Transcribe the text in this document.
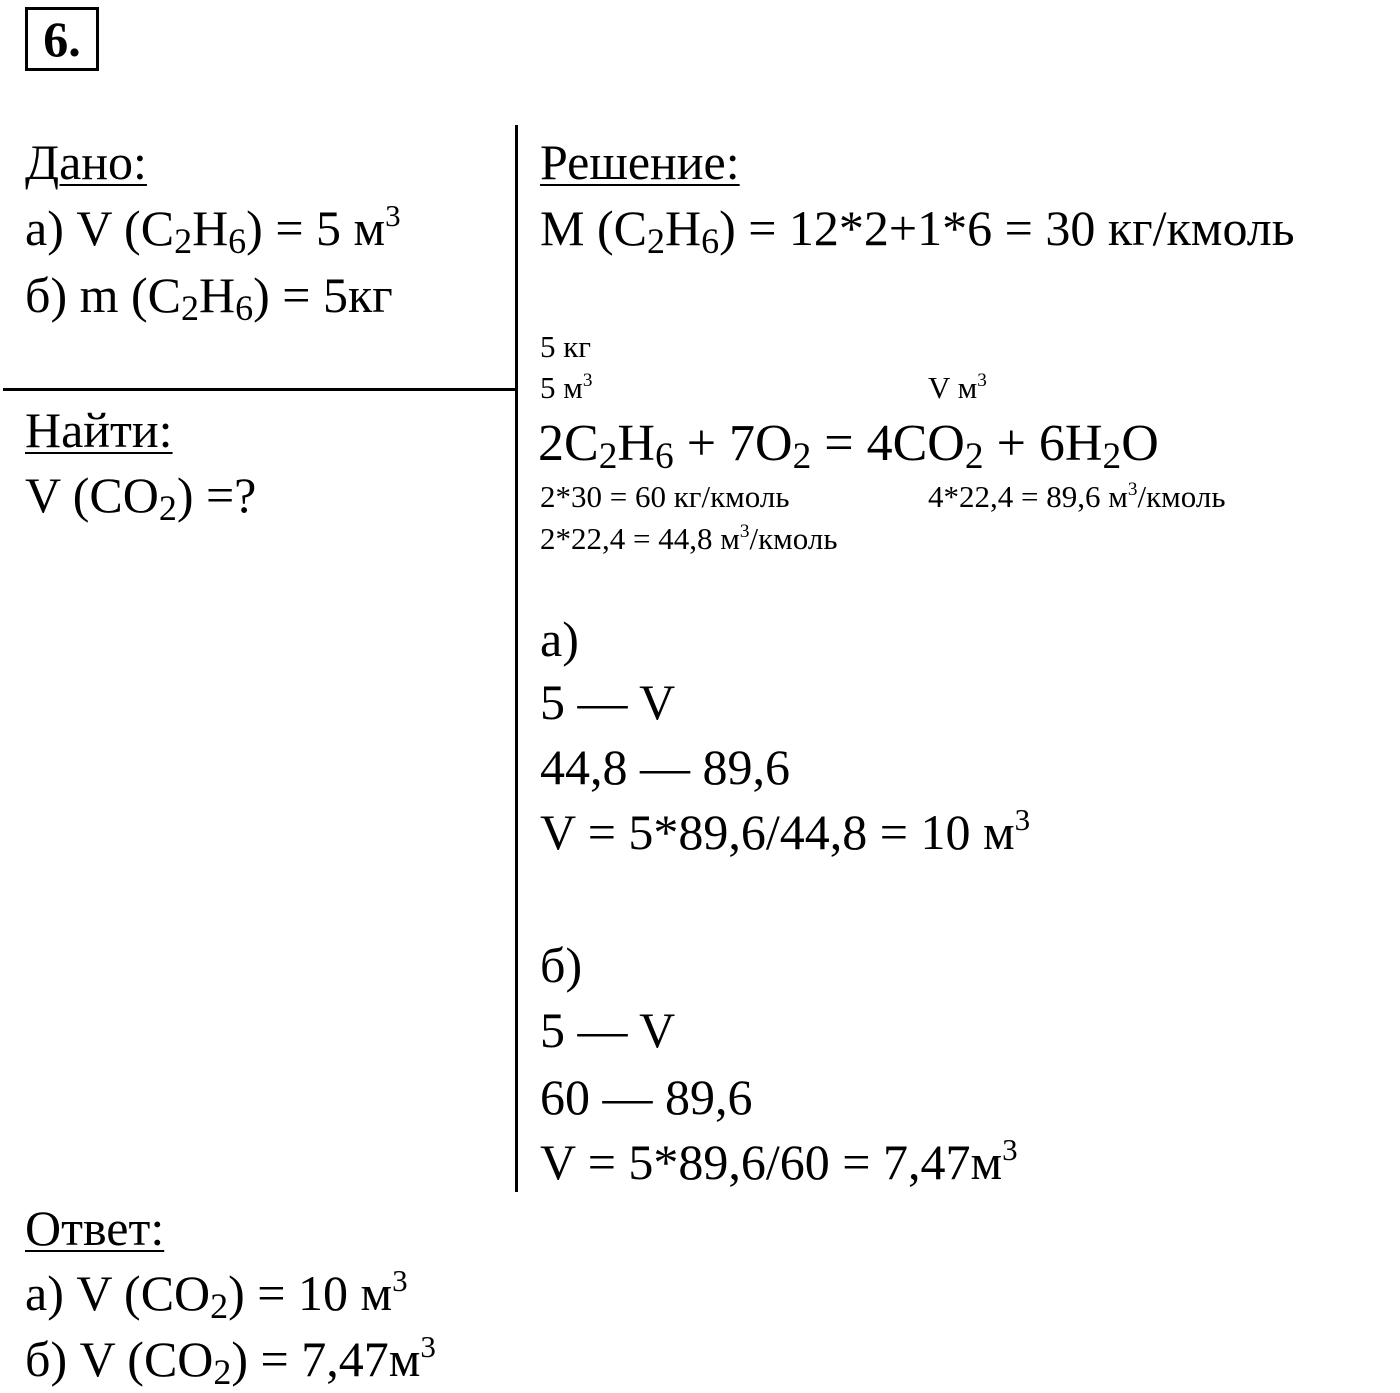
6.
Дано:
а) V $(C_2H_6) = 5$ $м^3$
б) m $(C_2H_6) = 5кг$
Найти:
V $(CO_2)$ =?
Решение:
M $(C_2H_6) = 12*2+1*6 = 30$ кг/кмоль
5 кг
5 $м^3$	V $м^3$
$2C_2H_6 + 7O_2 = 4CO_2 + 6H_2O$
2*30 = 60 кг/кмоль	4*22,4 = 89,6 $м^3$/кмоль
2*22,4 = 44,8 $м^3$/кмоль
а)
5 — V
44,8 — 89,6
V = 5*89,6/44,8 = 10 $м^3$
б)
5 — V
60 — 89,6
$V = 5*89,6/60 = 7,47м^3$
Ответ:
а) V $(CO_2) = 10$ $м^3$
б) V $(CO_2) = 7,47м^3$
